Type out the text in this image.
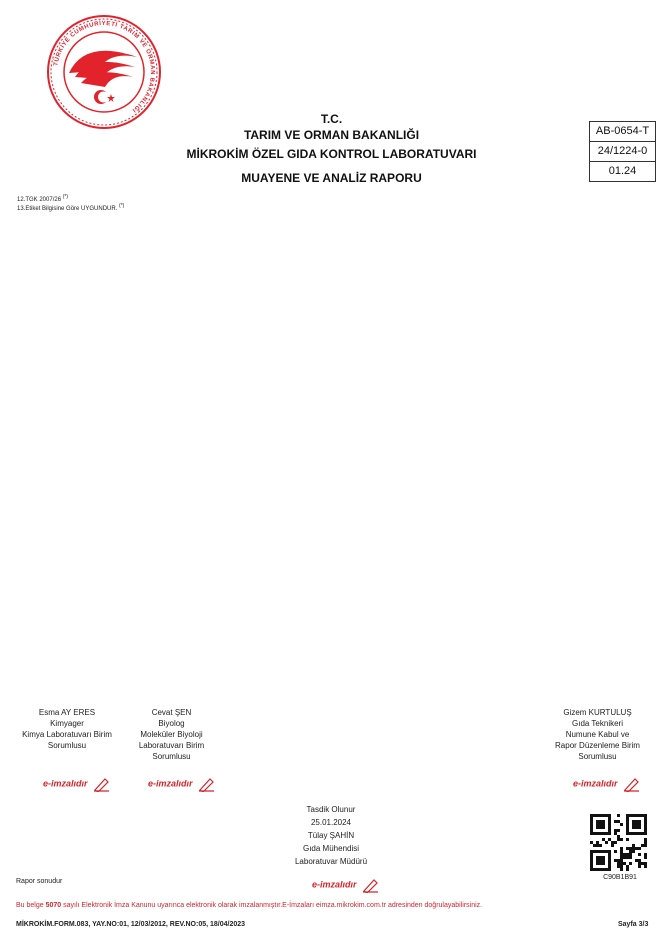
TÜRKİYE CUMHURİYETİ TARIM VE ORMAN BAKANLIĞI
T.C.
TARIM VE ORMAN BAKANLIĞI
MİKROKİM ÖZEL GIDA KONTROL LABORATUVARI
MUAYENE VE ANALİZ RAPORU
AB-0654-T
24/1224-0
01.24
12.TGK 2007/26 (*)
13.Etiket Bilgisine Göre UYGUNDUR. (*)
Esma AY ERES
Kimyager
Kimya Laboratuvarı Birim
Sorumlusu
e-imzalıdır
Cevat ŞEN
Biyolog
Moleküler Biyoloji
Laboratuvarı Birim
Sorumlusu
e-imzalıdır
Gizem KURTULUŞ
Gıda Teknikeri
Numune Kabul ve
Rapor Düzenleme Birim
Sorumlusu
e-imzalıdır
Tasdik Olunur
25.01.2024
Tülay ŞAHİN
Gıda Mühendisi
Laboratuvar Müdürü
e-imzalıdır
Rapor sonudur
C90B1B91
Bu belge 5070 sayılı Elektronik İmza Kanunu uyarınca elektronik olarak imzalanmıştır.E-İmzaları eimza.mikrokim.com.tr adresinden doğrulayabilirsiniz.
MİKROKİM.FORM.083, YAY.NO:01, 12/03/2012, REV.NO:05, 18/04/2023	Sayfa 3/3
